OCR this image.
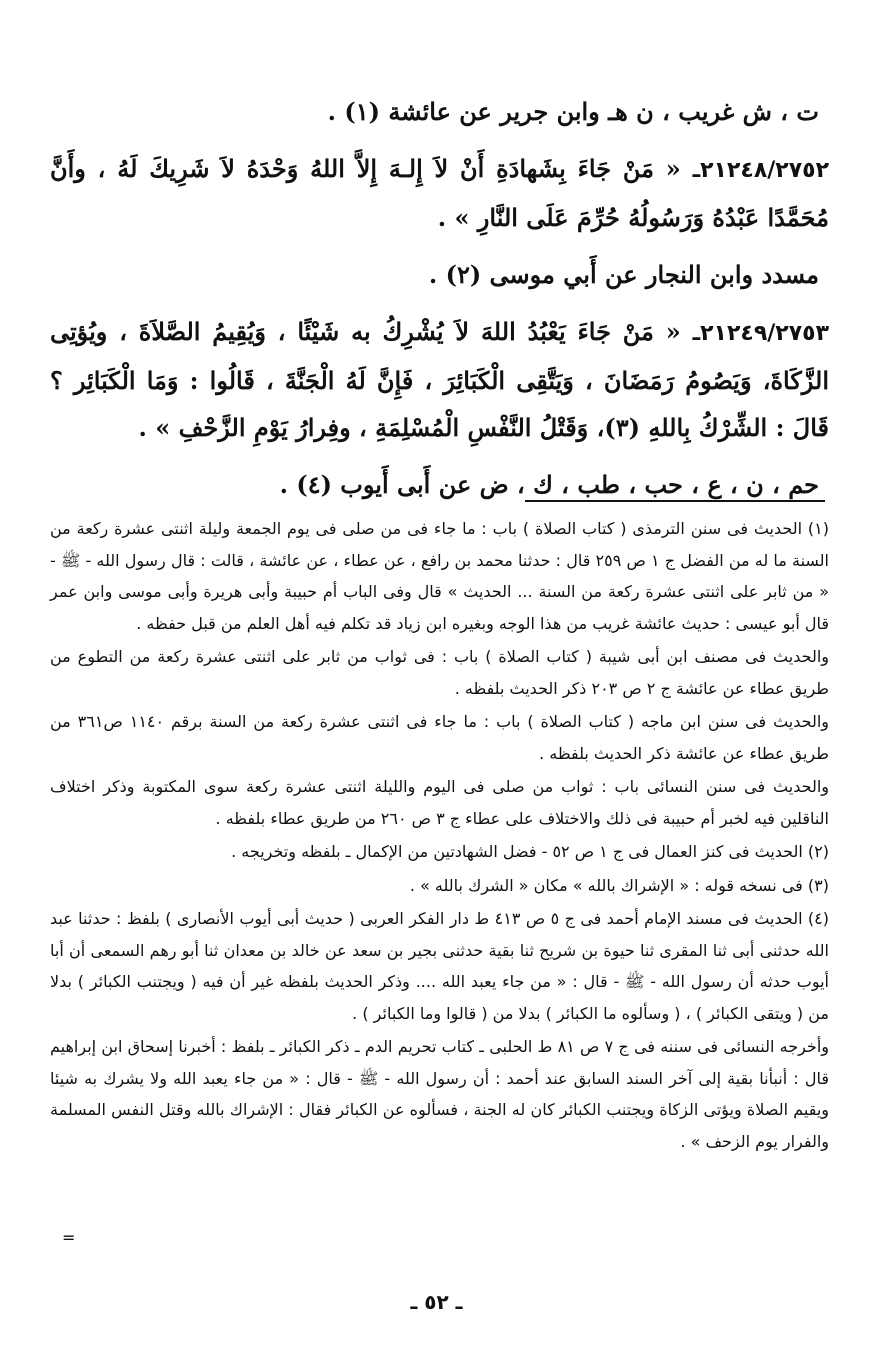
ت ، ش غريب ، ن هـ وابن جرير عن عائشة (١) .

٢١٢٤٨/٢٧٥٢ـ « مَنْ جَاءَ بِشَهادَةِ أَنْ لاَ إِلـهَ إِلاَّ اللهُ وَحْدَهُ لاَ شَرِيكَ لَهُ ، وأَنَّ مُحَمَّدًا عَبْدُهُ وَرَسُولُهُ حُرِّمَ عَلَى النَّارِ » .

مسدد وابن النجار عن أَبي موسى (٢) .

٢١٢٤٩/٢٧٥٣ـ « مَنْ جَاءَ يَعْبُدُ اللهَ لاَ يُشْرِكُ به شَيْئًا ، وَيُقِيمُ الصَّلاَةَ ، ويُؤتِى الزَّكَاةَ، وَيَصُومُ رَمَضَانَ ، وَيَتَّقِى الْكَبَائِرَ ، فَإِنَّ لَهُ الْجَنَّةَ ، قَالُوا : وَمَا الْكَبَائِر ؟ قَالَ : الشِّرْكُ بِاللهِ (٣)، وَقَتْلُ النَّفْسِ الْمُسْلِمَةِ ، وفِرارُ يَوْمِ الزَّحْفِ » .

حم ، ن ، ع ، حب ، طب ، ك ، ض عن أَبى أَيوب (٤) .

(١) الحديث فى سنن الترمذى ( كتاب الصلاة ) باب : ما جاء فى من صلى فى يوم الجمعة وليلة اثنتى عشرة ركعة من السنة ما له من الفضل ج ١ ص ٢٥٩ قال : حدثنا محمد بن رافع ، عن عطاء ، عن عائشة ، قالت : قال رسول الله - ﷺ - « من ثابر على اثنتى عشرة ركعة من السنة ... الحديث » قال وفى الباب أم حبيبة وأبى هريرة وأبى موسى وابن عمر قال أبو عيسى : حديث عائشة غريب من هذا الوجه وبغيره ابن زياد قد تكلم فيه أهل العلم من قبل حفظه .

والحديث فى مصنف ابن أبى شيبة ( كتاب الصلاة ) باب : فى ثواب من ثابر على اثنتى عشرة ركعة من التطوع من طريق عطاء عن عائشة ج ٢ ص ٢٠٣ ذكر الحديث بلفظه .

والحديث فى سنن ابن ماجه ( كتاب الصلاة ) باب : ما جاء فى اثنتى عشرة ركعة من السنة برقم ١١٤٠ ص٣٦١ من طريق عطاء عن عائشة ذكر الحديث بلفظه .

والحديث فى سنن النسائى باب : ثواب من صلى فى اليوم والليلة اثنتى عشرة ركعة سوى المكتوبة وذكر اختلاف الناقلين فيه لخبر أم حبيبة فى ذلك والاختلاف على عطاء ج ٣ ص ٢٦٠ من طريق عطاء بلفظه .

(٢) الحديث فى كنز العمال فى ج ١ ص ٥٢ - فضل الشهادتين من الإكمال ـ بلفظه وتخريجه .

(٣) فى نسخه قوله : « الإشراك بالله » مكان « الشرك بالله » .

(٤) الحديث فى مسند الإمام أحمد فى ج ٥ ص ٤١٣ ط دار الفكر العربى ( حديث أبى أيوب الأنصارى ) بلفظ : حدثنا عبد الله حدثنى أبى ثنا المقرى ثنا حيوة بن شريح ثنا بقية حدثنى بجير بن سعد عن خالد بن معدان ثنا أبو رهم السمعى أن أبا أيوب حدثه أن رسول الله - ﷺ - قال : « من جاء يعبد الله .... وذكر الحديث بلفظه غير أن فيه ( ويجتنب الكبائر ) بدلا من ( ويتقى الكبائر ) ، ( وسألوه ما الكبائر ) بدلا من ( قالوا وما الكبائر ) .

وأخرجه النسائى فى سننه فى ج ٧ ص ٨١ ط الحلبى ـ كتاب تحريم الدم ـ ذكر الكبائر ـ بلفظ : أخبرنا إسحاق ابن إبراهيم قال : أنبأنا بقية إلى آخر السند السابق عند أحمد : أن رسول الله - ﷺ - قال : « من جاء يعبد الله ولا يشرك به شيئا ويقيم الصلاة ويؤتى الزكاة ويجتنب الكبائر كان له الجنة ، فسألوه عن الكبائر فقال : الإشراك بالله وقتل النفس المسلمة والفرار يوم الزحف » .

=
ـ ٥٢ ـ
